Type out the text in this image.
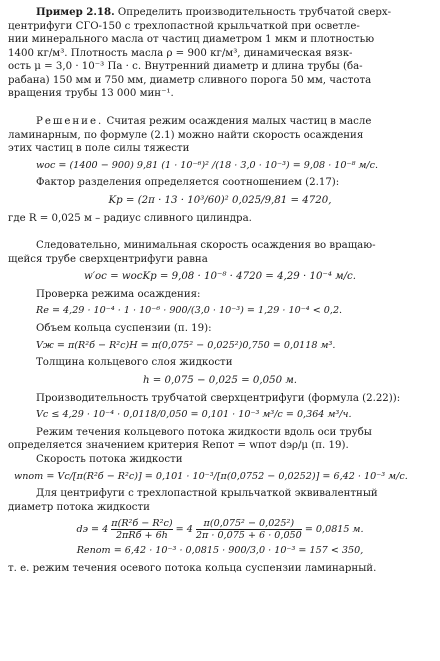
Пример 2.18. Определить производительность трубчатой сверх-
центрифуги СГО-150 с трехлопастной крыльчаткой при осветле-
нии минерального масла от частиц диаметром 1 мкм и плотностью
1400 кг/м³. Плотность масла ρ = 900 кг/м³, динамическая вязк-
ость μ = 3,0 · 10⁻³ Па · с. Внутренний диаметр и длина трубы (ба-
рабана) 150 мм и 750 мм, диаметр сливного порога 50 мм, частота
вращения трубы 13 000 мин⁻¹.
Решение. Считая режим осаждения малых частиц в масле
ламинарным, по формуле (2.1) можно найти скорость осаждения
этих частиц в поле силы тяжести
wос = (1400 − 900) 9,81 (1 · 10⁻⁶)² /(18 · 3,0 · 10⁻³) = 9,08 · 10⁻⁸ м/с.
Фактор разделения определяется соотношением (2.17):
Kр = (2π · 13 · 10³/60)² 0,025/9,81 = 4720,
где R = 0,025 м – радиус сливного цилиндра.
Следовательно, минимальная скорость осаждения во вращаю-
щейся трубе сверхцентрифуги равна
w′ос = wосKр = 9,08 · 10⁻⁸ · 4720 = 4,29 · 10⁻⁴ м/с.
Проверка режима осаждения:
Re = 4,29 · 10⁻⁴ · 1 · 10⁻⁶ · 900/(3,0 · 10⁻³) = 1,29 · 10⁻⁴ < 0,2.
Объем кольца суспензии (п. 19):
Vж = π(R²б − R²с)H = π(0,075² − 0,025²)0,750 = 0,0118 м³.
Толщина кольцевого слоя жидкости
h = 0,075 − 0,025 = 0,050 м.
Производительность трубчатой сверхцентрифуги (формула (2.22)):
Vс ≤ 4,29 · 10⁻⁴ · 0,0118/0,050 = 0,101 · 10⁻³ м³/с = 0,364 м³/ч.
Режим течения кольцевого потока жидкости вдоль оси трубы
определяется значением критерия Reпот = wпот dэρ/μ (п. 19).
Скорость потока жидкости
wпот = Vс/[π(R²б − R²с)] = 0,101 · 10⁻³/[π(0,0752 − 0,0252)] = 6,42 · 10⁻³ м/с.
Для центрифуги с трехлопастной крыльчаткой эквивалентный
диаметр потока жидкости
dэ = $4 \frac{\text{π(R²б − R²с)}}{\text{2πRб + 6h}} = 4 \frac{\text{π(0,075² − 0,025²)}}{2\pi \cdot 0,075 + 6 \cdot 0,050} = 0,0815$ м.
Reпот = 6,42 · 10⁻³ · 0,0815 · 900/3,0 · 10⁻³ = 157 < 350,
т. е. режим течения осевого потока кольца суспензии ламинарный.
